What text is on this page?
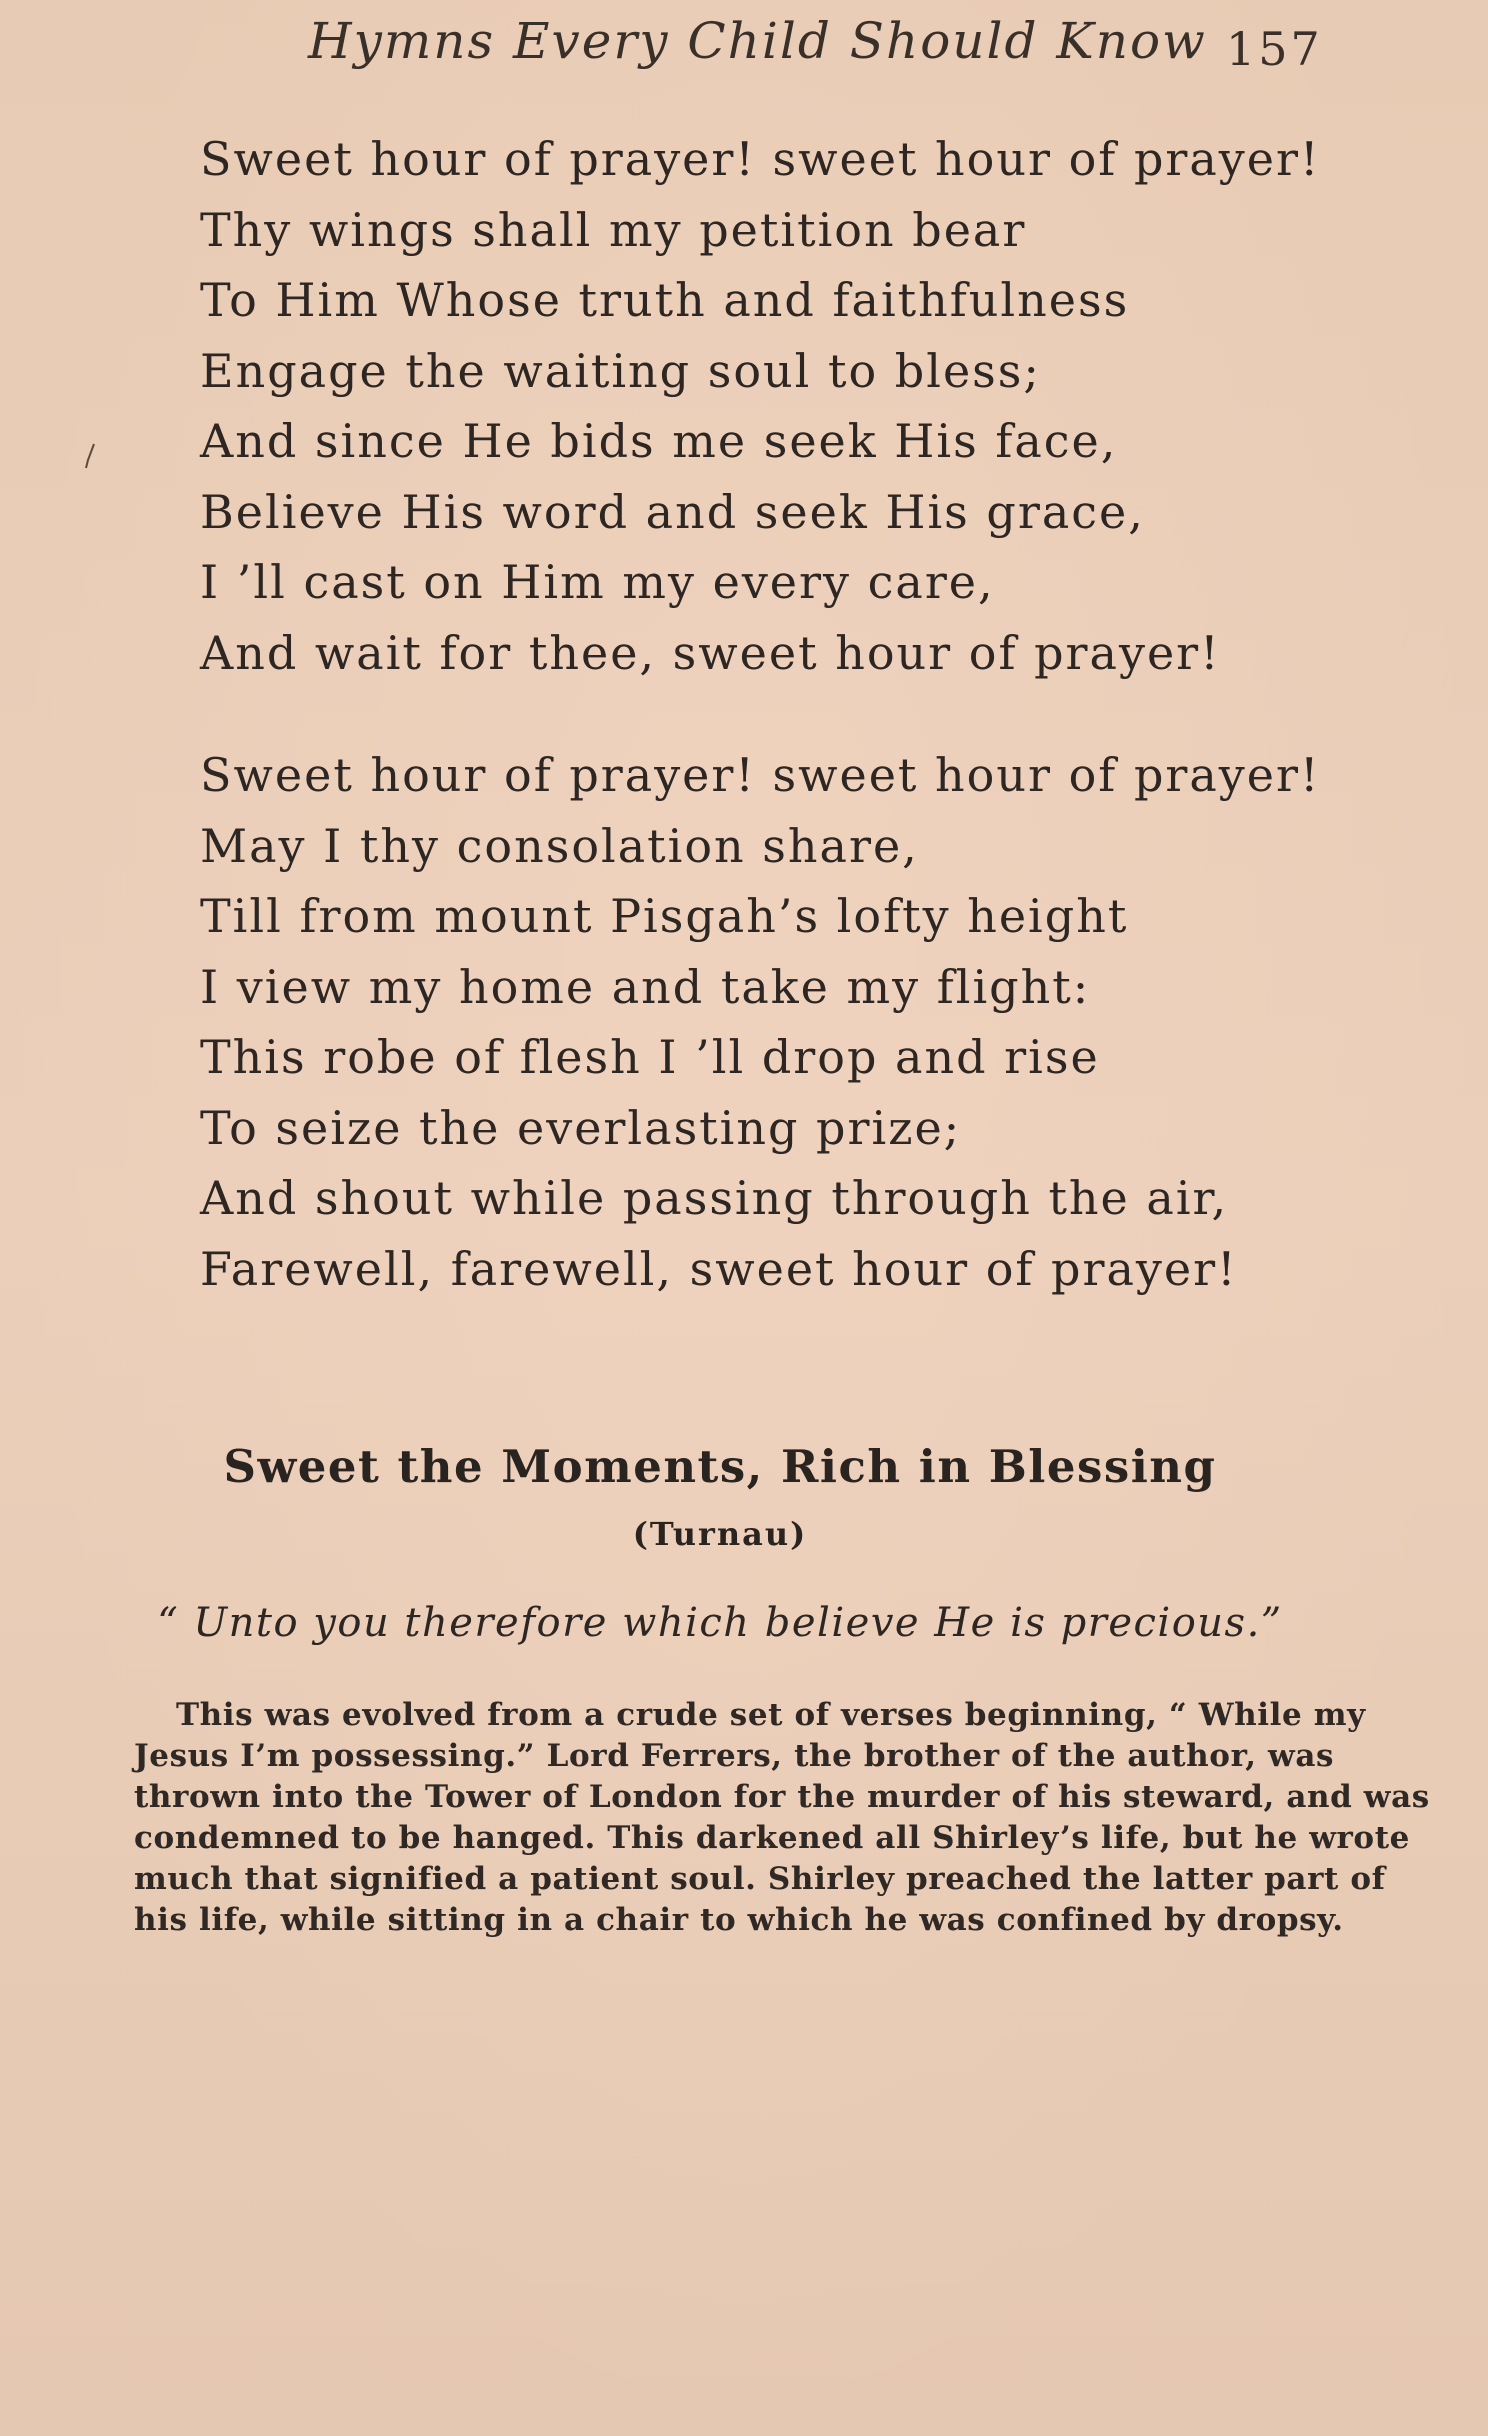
Hymns Every Child Should Know 157
Sweet hour of prayer! sweet hour of prayer!
Thy wings shall my petition bear
To Him Whose truth and faithfulness
Engage the waiting soul to bless;
And since He bids me seek His face,
Believe His word and seek His grace,
I ’ll cast on Him my every care,
And wait for thee, sweet hour of prayer!
Sweet hour of prayer! sweet hour of prayer!
May I thy consolation share,
Till from mount Pisgah’s lofty height
I view my home and take my flight:
This robe of flesh I ’ll drop and rise
To seize the everlasting prize;
And shout while passing through the air,
Farewell, farewell, sweet hour of prayer!
Sweet the Moments, Rich in Blessing
(Turnau)
“ Unto you therefore which believe He is precious.”
This was evolved from a crude set of verses beginning, “ While my
Jesus I’m possessing.” Lord Ferrers, the brother of the author, was
thrown into the Tower of London for the murder of his steward, and was
condemned to be hanged. This darkened all Shirley’s life, but he wrote
much that signified a patient soul. Shirley preached the latter part of
his life, while sitting in a chair to which he was confined by dropsy.
